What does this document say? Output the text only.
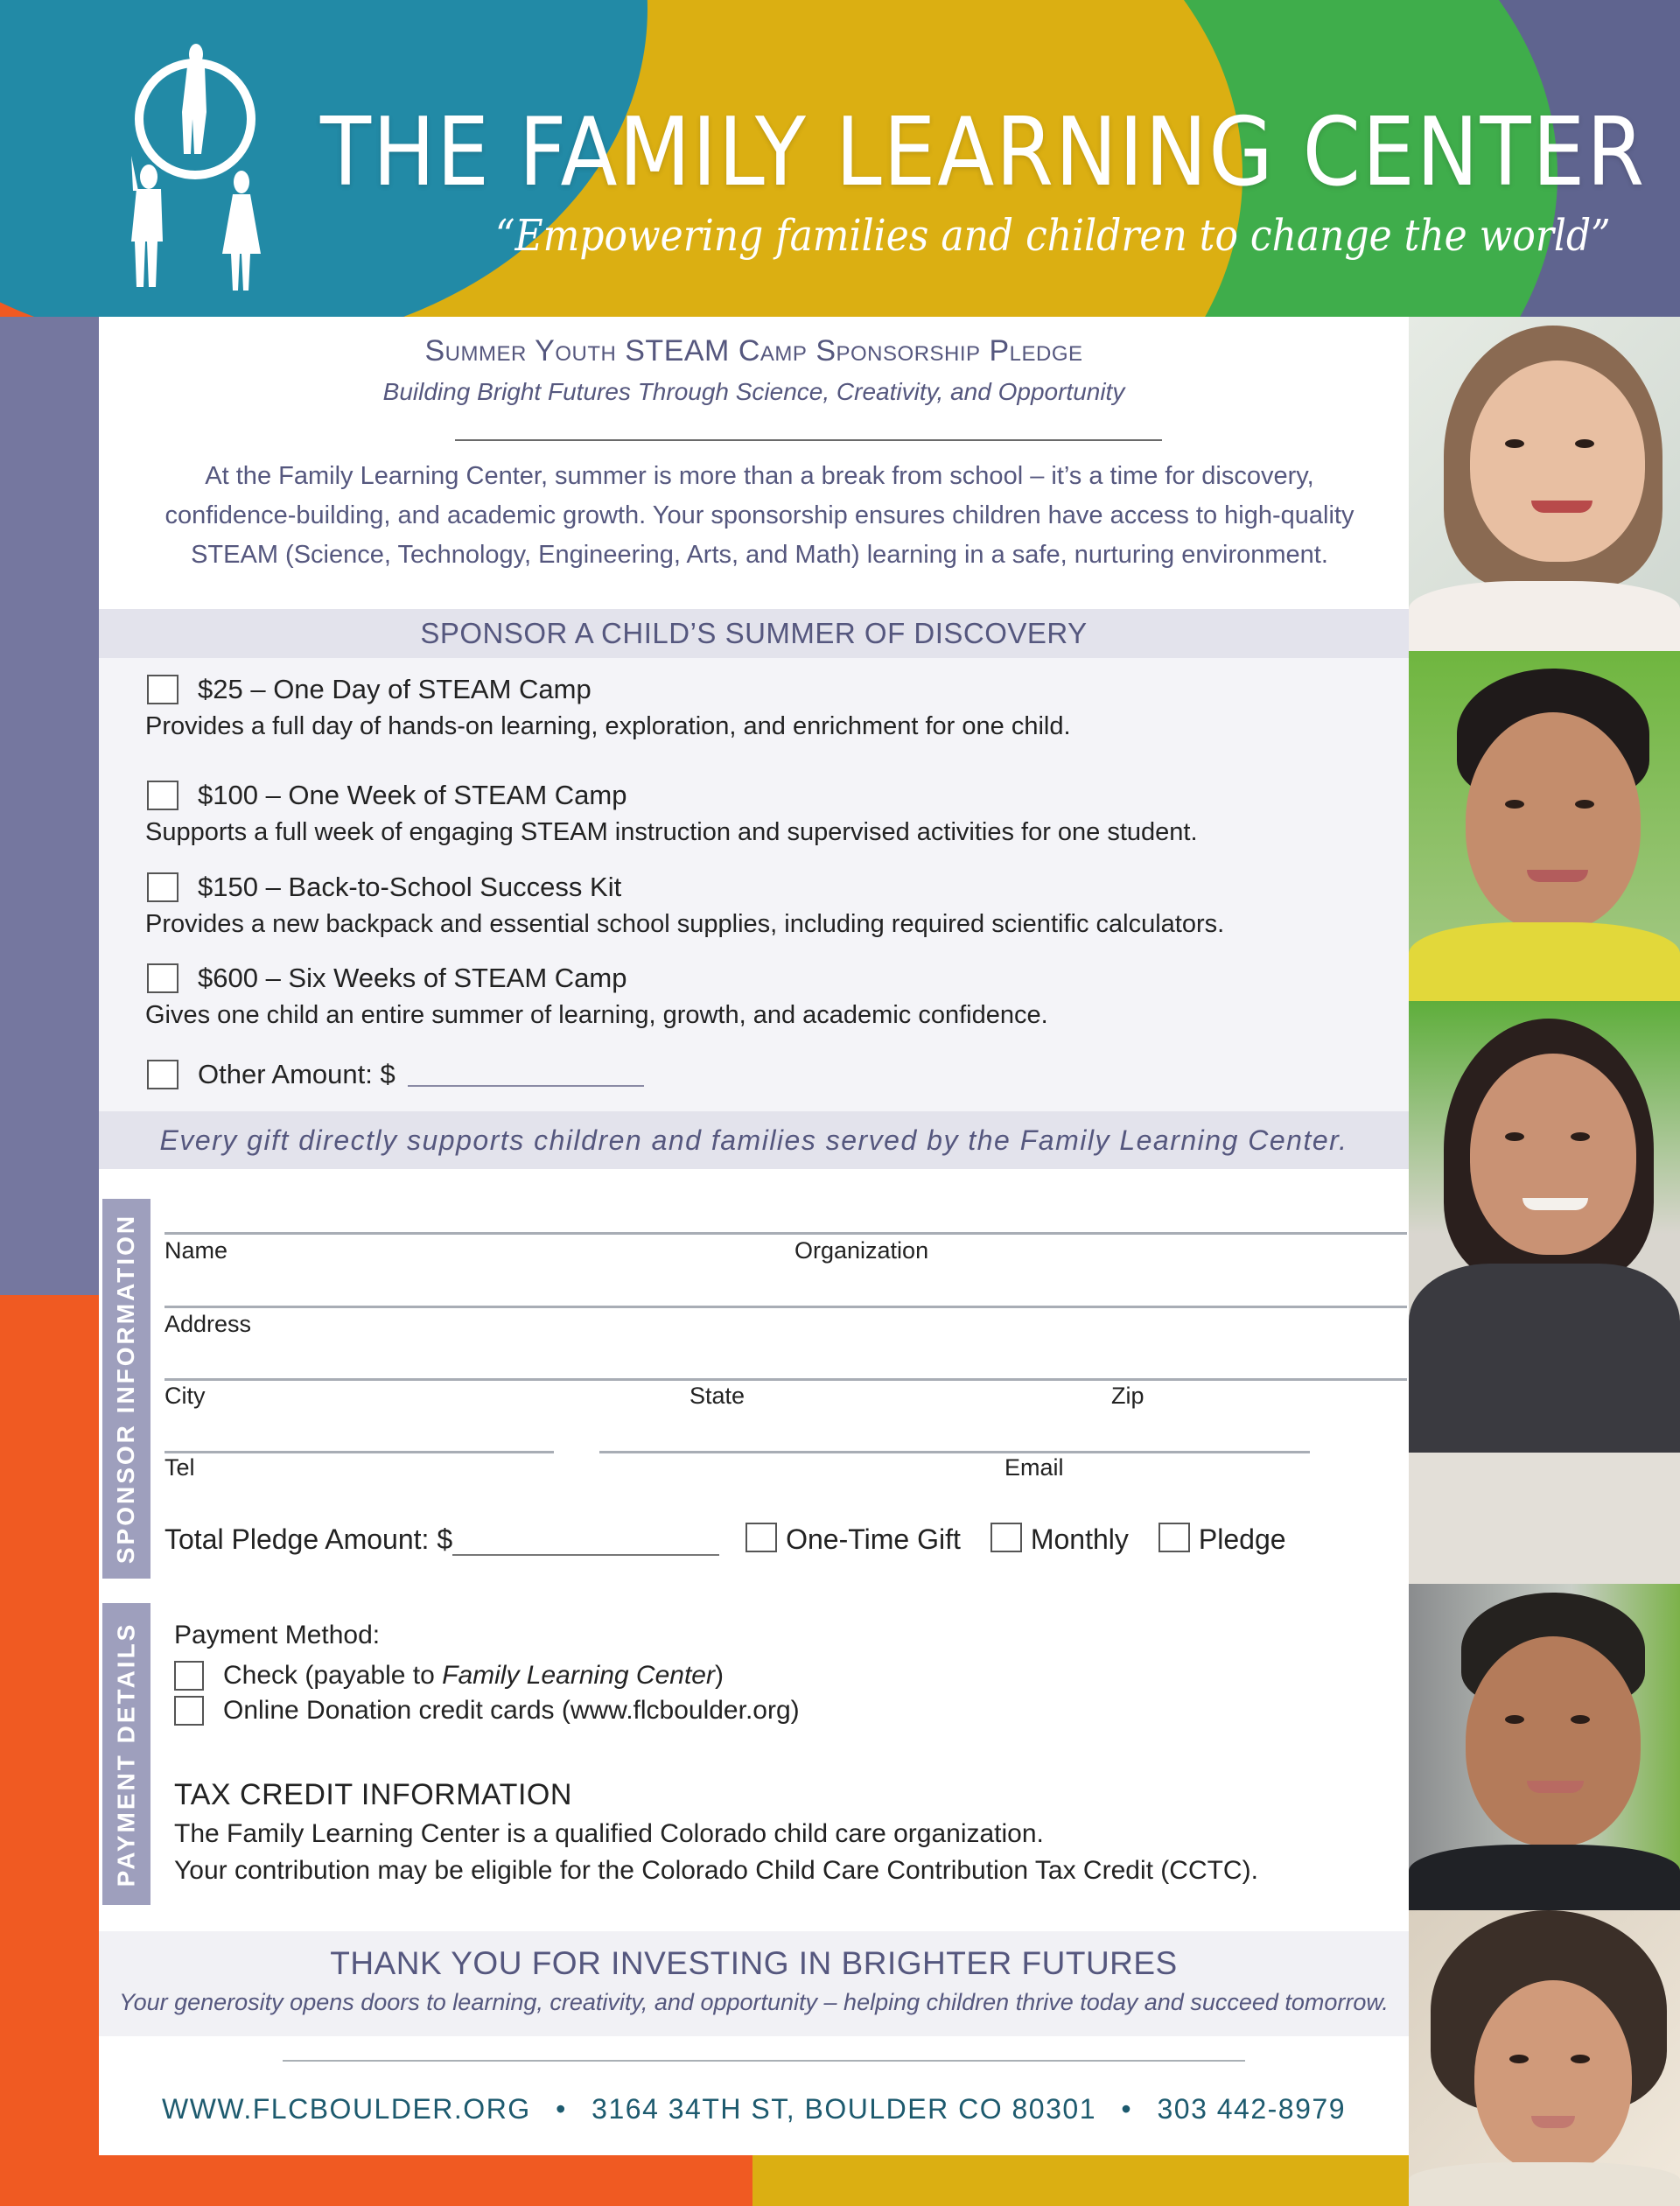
THE FAMILY LEARNING CENTER
“Empowering families and children to change the world”
Summer Youth STEAM Camp Sponsorship Pledge
Building Bright Futures Through Science, Creativity, and Opportunity
At the Family Learning Center, summer is more than a break from school – it’s a time for discovery, confidence-building, and academic growth. Your sponsorship ensures children have access to high-quality STEAM (Science, Technology, Engineering, Arts, and Math) learning in a safe, nurturing environment.
SPONSOR A CHILD’S SUMMER OF DISCOVERY
$25 – One Day of STEAM Camp
Provides a full day of hands-on learning, exploration, and enrichment for one child.
$100 – One Week of STEAM Camp
Supports a full week of engaging STEAM instruction and supervised activities for one student.
$150 – Back-to-School Success Kit
Provides a new backpack and essential school supplies, including required scientific calculators.
$600 – Six Weeks of STEAM Camp
Gives one child an entire summer of learning, growth, and academic confidence.
Other Amount: $
Every gift directly supports children and families served by the Family Learning Center.
SPONSOR INFORMATION Name	Organization
Address
City	State	Zip
Tel	Email
Total Pledge Amount: $	One-Time Gift	Monthly	Pledge
PAYMENT DETAILS Payment Method:
Check (payable to Family Learning Center)
Online Donation credit cards (www.flcboulder.org)
TAX CREDIT INFORMATION
The Family Learning Center is a qualified Colorado child care organization.
Your contribution may be eligible for the Colorado Child Care Contribution Tax Credit (CCTC).
THANK YOU FOR INVESTING IN BRIGHTER FUTURES
Your generosity opens doors to learning, creativity, and opportunity – helping children thrive today and succeed tomorrow.
WWW.FLCBOULDER.ORG • 3164 34TH ST, BOULDER CO 80301 • 303 442-8979
